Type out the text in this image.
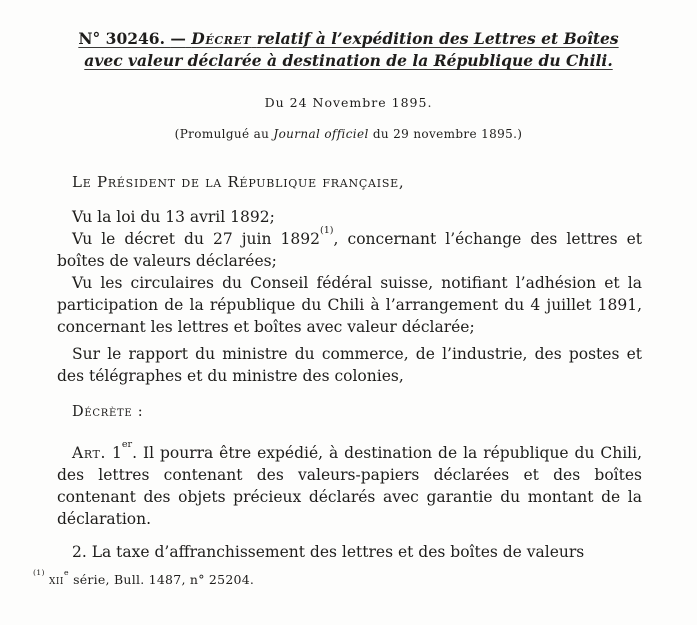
N° 30246. — Décret relatif à l’expédition des Lettres et Boîtes avec valeur déclarée à destination de la République du Chili.

Du 24 Novembre 1895.

(Promulgué au Journal officiel du 29 novembre 1895.)

Le Président de la République française,

Vu la loi du 13 avril 1892;

Vu le décret du 27 juin 1892$^{(1)}$, concernant l’échange des lettres et boîtes de valeurs déclarées;

Vu les circulaires du Conseil fédéral suisse, notifiant l’adhésion et la participation de la république du Chili à l’arrangement du 4 juillet 1891, concernant les lettres et boîtes avec valeur déclarée;

Sur le rapport du ministre du commerce, de l’industrie, des postes et des télégraphes et du ministre des colonies,

Décrète :

Art. 1er. Il pourra être expédié, à destination de la république du Chili, des lettres contenant des valeurs-papiers déclarées et des boîtes contenant des objets précieux déclarés avec garantie du montant de la déclaration.

2. La taxe d’affranchissement des lettres et des boîtes de valeurs

$^{(1)}$ xii$^e$ série, Bull. 1487, n° 25204.
